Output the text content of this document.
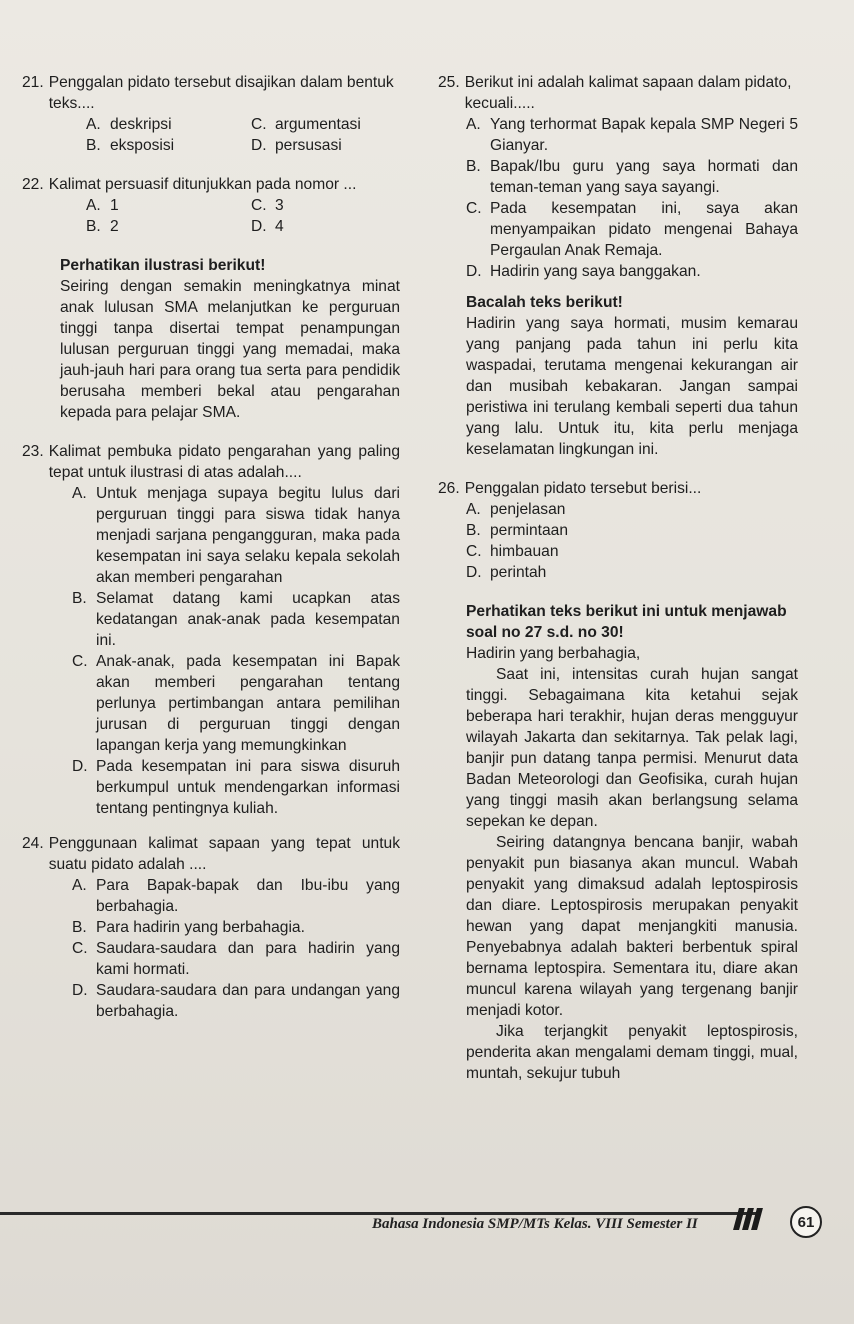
21. Penggalan pidato tersebut disajikan dalam bentuk teks....
A. deskripsi	C. argumentasi
B. eksposisi	D. persusasi
22. Kalimat persuasif ditunjukkan pada nomor ...
A. 1	C. 3
B. 2	D. 4
Perhatikan ilustrasi berikut!
Seiring dengan semakin meningkatnya minat anak lulusan SMA melanjutkan ke perguruan tinggi tanpa disertai tempat penampungan lulusan perguruan tinggi yang memadai, maka jauh-jauh hari para orang tua serta para pendidik berusaha memberi bekal atau pengarahan kepada para pelajar SMA.
23. Kalimat pembuka pidato pengarahan yang paling tepat untuk ilustrasi di atas adalah....
A. Untuk menjaga supaya begitu lulus dari perguruan tinggi para siswa tidak hanya menjadi sarjana pengangguran, maka pada kesempatan ini saya selaku kepala sekolah akan memberi pengarahan
B. Selamat datang kami ucapkan atas kedatangan anak-anak pada kesempatan ini.
C. Anak-anak, pada kesempatan ini Bapak akan memberi pengarahan tentang perlunya pertimbangan antara pemilihan jurusan di perguruan tinggi dengan lapangan kerja yang memungkinkan
D. Pada kesempatan ini para siswa disuruh berkumpul untuk mendengarkan informasi tentang pentingnya kuliah.
24. Penggunaan kalimat sapaan yang tepat untuk suatu pidato adalah ....
A. Para Bapak-bapak dan Ibu-ibu yang berbahagia.
B. Para hadirin yang berbahagia.
C. Saudara-saudara dan para hadirin yang kami hormati.
D. Saudara-saudara dan para undangan yang berbahagia.
25. Berikut ini adalah kalimat sapaan dalam pidato, kecuali.....
A. Yang terhormat Bapak kepala SMP Negeri 5 Gianyar.
B. Bapak/Ibu guru yang saya hormati dan teman-teman yang saya sayangi.
C. Pada kesempatan ini, saya akan menyampaikan pidato mengenai Bahaya Pergaulan Anak Remaja.
D. Hadirin yang saya banggakan.
Bacalah teks berikut!
Hadirin yang saya hormati, musim kemarau yang panjang pada tahun ini perlu kita waspadai, terutama mengenai kekurangan air dan musibah kebakaran. Jangan sampai peristiwa ini terulang kembali seperti dua tahun yang lalu. Untuk itu, kita perlu menjaga keselamatan lingkungan ini.
26. Penggalan pidato tersebut berisi...
A. penjelasan
B. permintaan
C. himbauan
D. perintah
Perhatikan teks berikut ini untuk menjawab soal no 27 s.d. no 30!
Hadirin yang berbahagia,
Saat ini, intensitas curah hujan sangat tinggi. Sebagaimana kita ketahui sejak beberapa hari terakhir, hujan deras mengguyur wilayah Jakarta dan sekitarnya. Tak pelak lagi, banjir pun datang tanpa permisi. Menurut data Badan Meteorologi dan Geofisika, curah hujan yang tinggi masih akan berlangsung selama sepekan ke depan.
Seiring datangnya bencana banjir, wabah penyakit pun biasanya akan muncul. Wabah penyakit yang dimaksud adalah leptospirosis dan diare. Leptospirosis merupakan penyakit hewan yang dapat menjangkiti manusia. Penyebabnya adalah bakteri berbentuk spiral bernama leptospira. Sementara itu, diare akan muncul karena wilayah yang tergenang banjir menjadi kotor.
Jika terjangkit penyakit leptospirosis, penderita akan mengalami demam tinggi, mual, muntah, sekujur tubuh
Bahasa Indonesia SMP/MTs Kelas. VIII Semester II	61
